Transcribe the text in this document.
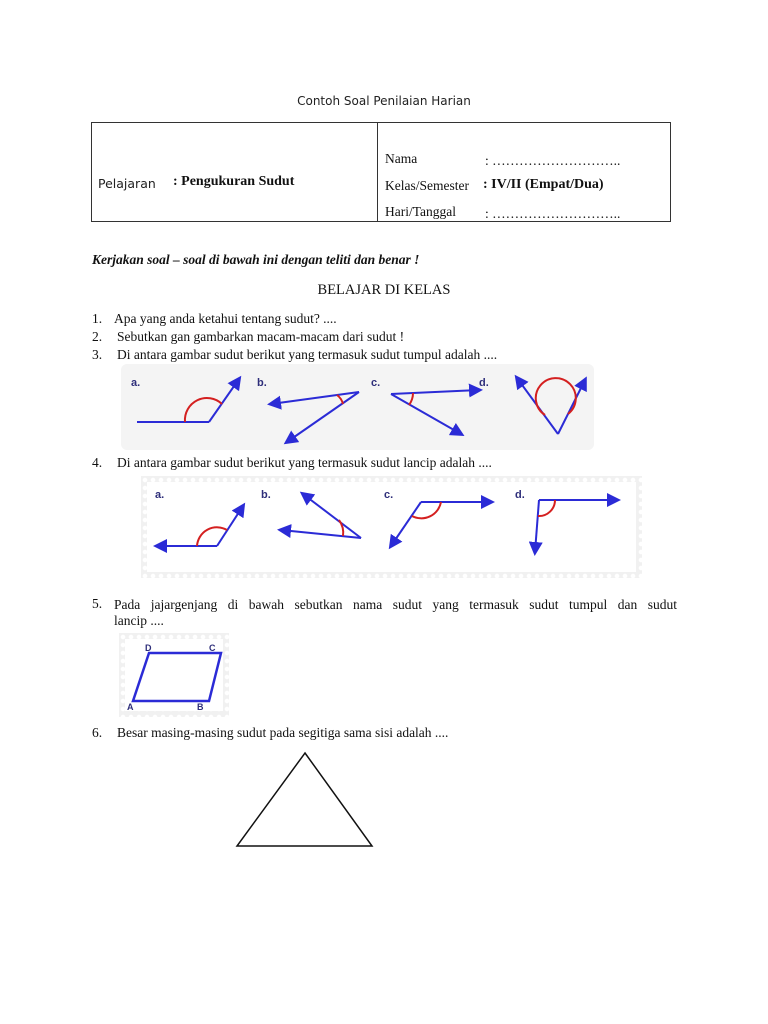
Contoh Soal Penilaian Harian
Pelajaran : Pengukuran Sudut
Nama	: ………………………..
Kelas/Semester : IV/II (Empat/Dua)
Hari/Tanggal : ………………………..
Kerjakan soal – soal di bawah ini dengan teliti dan benar !
BELAJAR DI KELAS
1. Apa yang anda ketahui tentang sudut? ....
2. Sebutkan gan gambarkan macam-macam dari sudut !
3. Di antara gambar sudut berikut yang termasuk sudut tumpul adalah ....
a.	b.	c.	d.
4. Di antara gambar sudut berikut yang termasuk sudut lancip adalah ....
a.	b.	c.	d.
5. Pada jajargenjang di bawah sebutkan nama sudut yang termasuk sudut tumpul dan sudut
lancip ....
D	C
A	B
6. Besar masing-masing sudut pada segitiga sama sisi adalah ....
